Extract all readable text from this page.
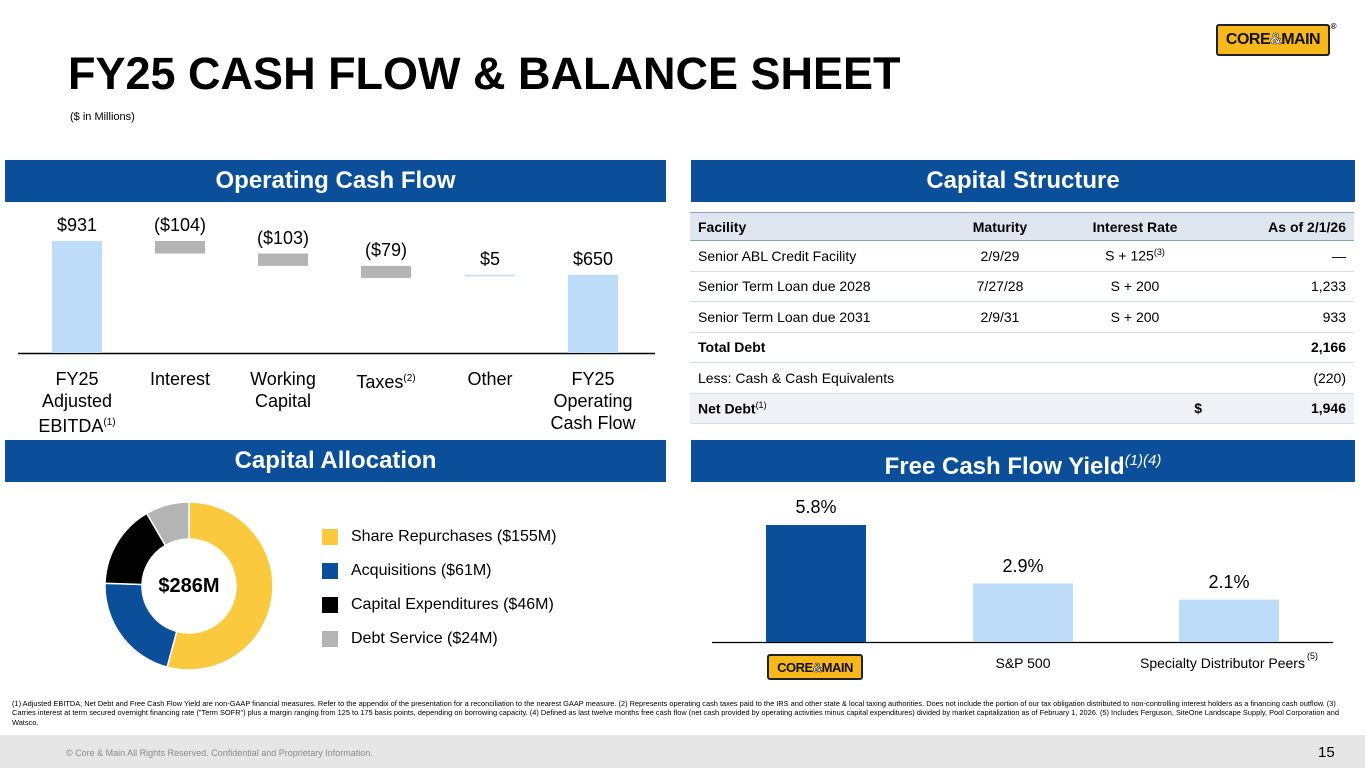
FY25 CASH FLOW & BALANCE SHEET
($ in Millions)
CORE & MAIN
®
Operating Cash Flow	Capital Structure
Capital Allocation	Free Cash Flow Yield$^{(1)(4)}$
$931
FY25
Adjusted
EBITDA$^{(1)}$
($104)
Interest
($103)
Working
Capital
($79)
Taxes$^{(2)}$
$5
Other
$650
FY25
Operating
Cash Flow
Facility	Maturity	Interest Rate	As of 2/1/26
Senior ABL Credit Facility	2/9/29	$S + 125^{(3)}$	—
Senior Term Loan due 2028	7/27/28	S + 200	1,233
Senior Term Loan due 2031	2/9/31	S + 200	933
Total Debt			2,166
Less: Cash & Cash Equivalents			(220)
Net Debt$^{(1)}$		$	1,946
$286M
Share Repurchases ($155M)
Acquisitions ($61M)
Capital Expenditures ($46M)
Debt Service ($24M)
5.8%
2.9%
S&P 500
2.1%
Specialty Distributor Peers $^{(5)}$
CORE & MAIN
(1) Adjusted EBITDA, Net Debt and Free Cash Flow Yield are non-GAAP financial measures. Refer to the appendix of the presentation for a reconciliation to the nearest GAAP measure. (2) Represents operating cash taxes paid to the IRS and other state & local taxing authorities. Does not include the portion of our tax obligation distributed to non-controlling interest holders as a financing cash outflow. (3) Carries interest at term secured overnight financing rate ("Term SOFR") plus a margin ranging from 125 to 175 basis points, depending on borrowing capacity. (4) Defined as last twelve months free cash flow (net cash provided by operating activities minus capital expenditures) divided by market capitalization as of February 1, 2026. (5) Includes Ferguson, SiteOne Landscape Supply, Pool Corporation and Watsco.
© Core & Main All Rights Reserved. Confidential and Proprietary Information.	15
